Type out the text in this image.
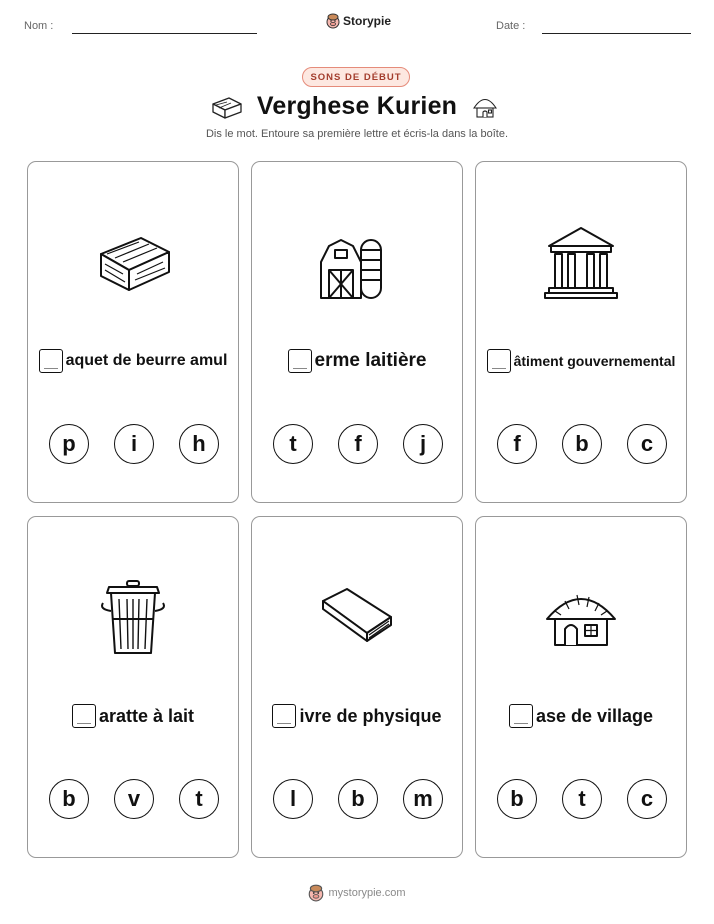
Nom :	Storypie	Date :
SONS DE DÉBUT
Verghese Kurien
Dis le mot. Entoure sa première lettre et écris-la dans la boîte.
aquet de beurre amul
p	i	h
erme laitière
t	f	j
âtiment gouvernemental
f	b	c
aratte à lait
b	v	t
ivre de physique
l	b	m
ase de village
b	t	c
mystorypie.com
